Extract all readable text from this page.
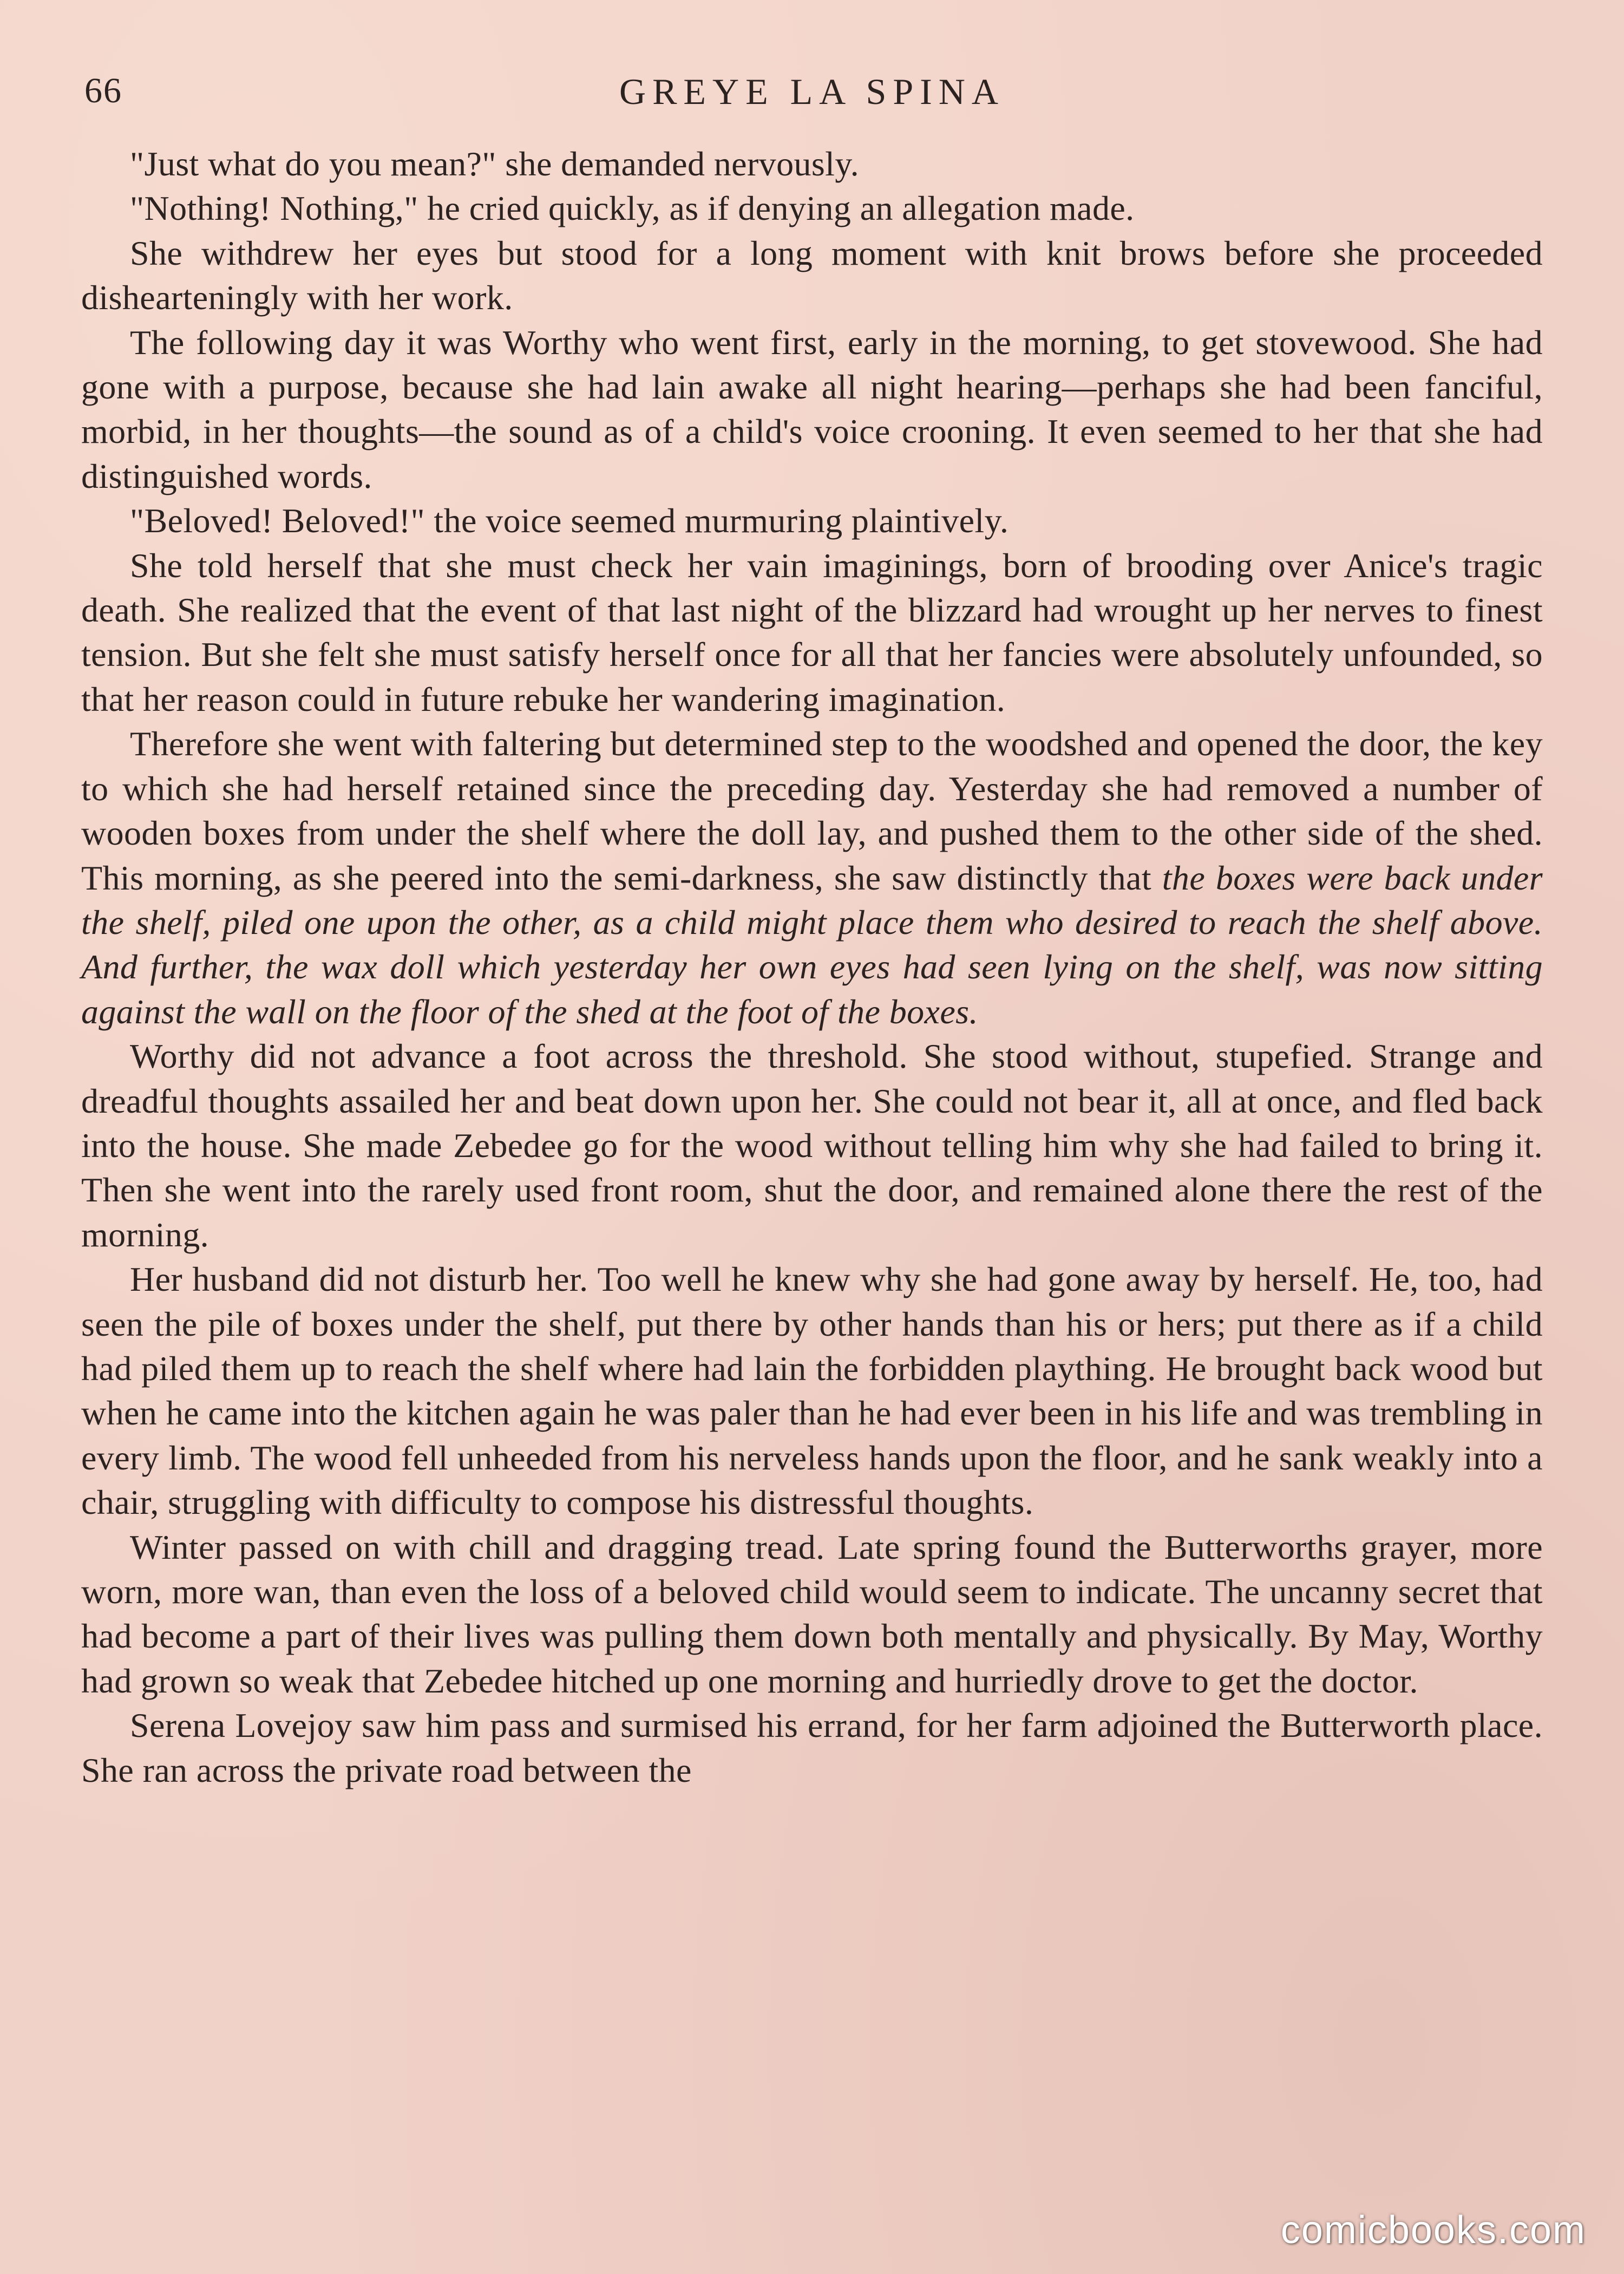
66	GREYE LA SPINA

"Just what do you mean?" she demanded nervously.

"Nothing! Nothing," he cried quickly, as if denying an allegation made.

She withdrew her eyes but stood for a long moment with knit brows before she proceeded dishearteningly with her work.

The following day it was Worthy who went first, early in the morning, to get stovewood. She had gone with a purpose, because she had lain awake all night hearing—perhaps she had been fanciful, morbid, in her thoughts—the sound as of a child's voice crooning. It even seemed to her that she had distinguished words.

"Beloved! Beloved!" the voice seemed murmuring plaintively.

She told herself that she must check her vain imaginings, born of brooding over Anice's tragic death. She realized that the event of that last night of the blizzard had wrought up her nerves to finest tension. But she felt she must satisfy herself once for all that her fancies were absolutely unfounded, so that her reason could in future rebuke her wandering imagination.

Therefore she went with faltering but determined step to the woodshed and opened the door, the key to which she had herself retained since the preceding day. Yesterday she had removed a number of wooden boxes from under the shelf where the doll lay, and pushed them to the other side of the shed. This morning, as she peered into the semi-darkness, she saw distinctly that the boxes were back under the shelf, piled one upon the other, as a child might place them who desired to reach the shelf above. And further, the wax doll which yesterday her own eyes had seen lying on the shelf, was now sitting against the wall on the floor of the shed at the foot of the boxes.

Worthy did not advance a foot across the threshold. She stood without, stupefied. Strange and dreadful thoughts assailed her and beat down upon her. She could not bear it, all at once, and fled back into the house. She made Zebedee go for the wood without telling him why she had failed to bring it. Then she went into the rarely used front room, shut the door, and remained alone there the rest of the morning.

Her husband did not disturb her. Too well he knew why she had gone away by herself. He, too, had seen the pile of boxes under the shelf, put there by other hands than his or hers; put there as if a child had piled them up to reach the shelf where had lain the forbidden plaything. He brought back wood but when he came into the kitchen again he was paler than he had ever been in his life and was trembling in every limb. The wood fell unheeded from his nerveless hands upon the floor, and he sank weakly into a chair, struggling with difficulty to compose his distressful thoughts.

Winter passed on with chill and dragging tread. Late spring found the Butterworths grayer, more worn, more wan, than even the loss of a beloved child would seem to indicate. The uncanny secret that had become a part of their lives was pulling them down both mentally and physically. By May, Worthy had grown so weak that Zebedee hitched up one morning and hurriedly drove to get the doctor.

Serena Lovejoy saw him pass and surmised his errand, for her farm adjoined the Butterworth place. She ran across the private road between the

comicbooks.com
